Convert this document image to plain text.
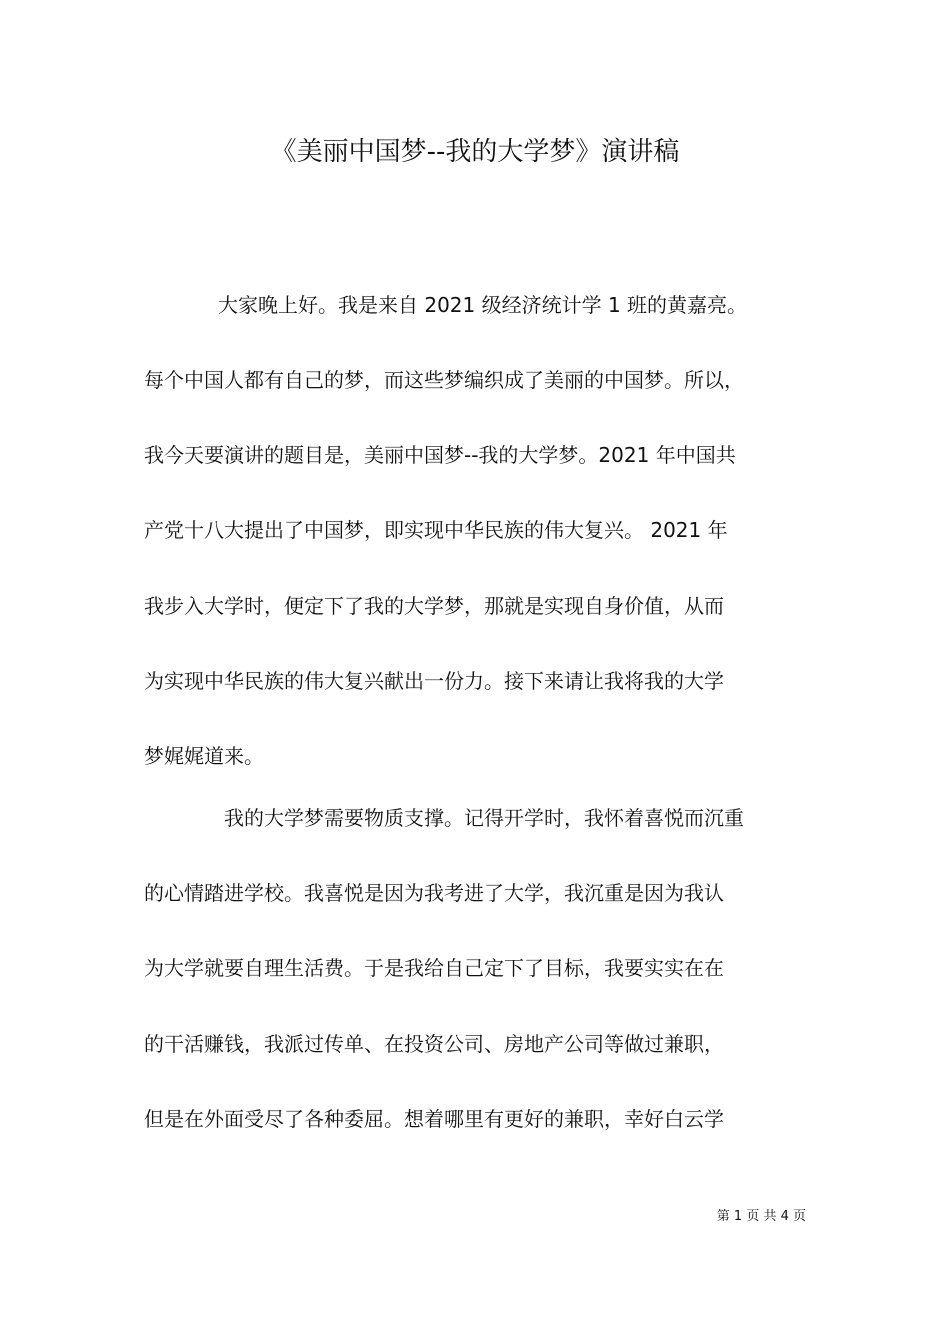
《美丽中国梦--我的大学梦》演讲稿

大家晚上好。我是来自 2021 级经济统计学 1 班的黄嘉亮。

每个中国人都有自己的梦，而这些梦编织成了美丽的中国梦。所以，

我今天要演讲的题目是，美丽中国梦--我的大学梦。2021 年中国共

产党十八大提出了中国梦，即实现中华民族的伟大复兴。 2021 年

我步入大学时，便定下了我的大学梦，那就是实现自身价值，从而

为实现中华民族的伟大复兴献出一份力。接下来请让我将我的大学

梦娓娓道来。

我的大学梦需要物质支撑。记得开学时，我怀着喜悦而沉重

的心情踏进学校。我喜悦是因为我考进了大学，我沉重是因为我认

为大学就要自理生活费。于是我给自己定下了目标，我要实实在在

的干活赚钱，我派过传单、在投资公司、房地产公司等做过兼职，

但是在外面受尽了各种委屈。想着哪里有更好的兼职，幸好白云学

第 1 页 共 4 页
